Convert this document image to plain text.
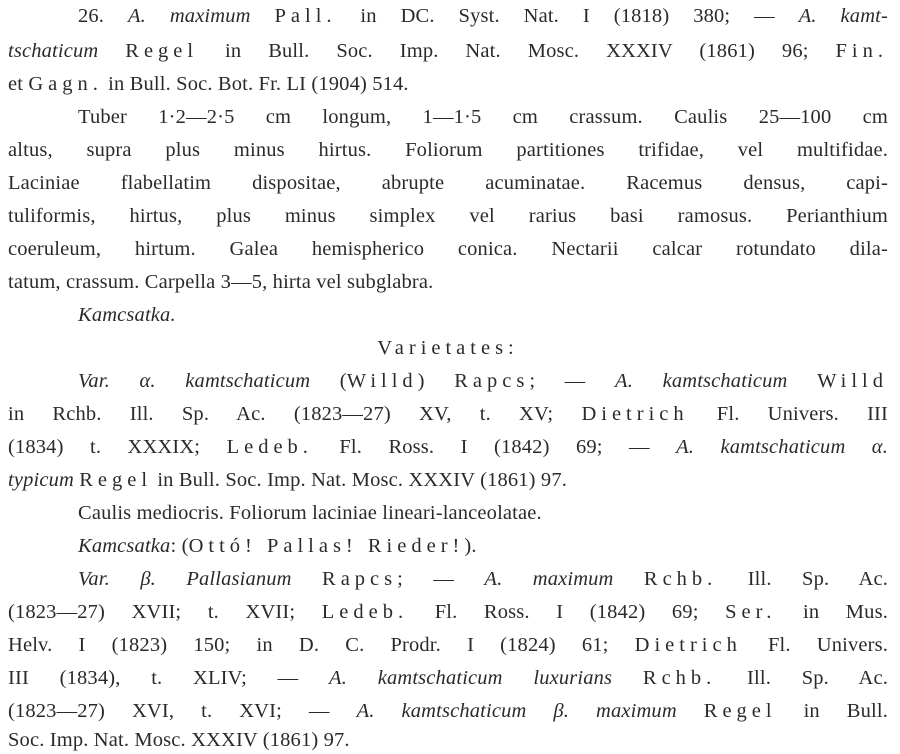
26. A. maximum Pall. in DC. Syst. Nat. I (1818) 380; — A. kamt-
tschaticum Regel in Bull. Soc. Imp. Nat. Mosc. XXXIV (1861) 96; Fin.
et Gagn. in Bull. Soc. Bot. Fr. LI (1904) 514.
Tuber 1·2—2·5 cm longum, 1—1·5 cm crassum. Caulis 25—100 cm
altus, supra plus minus hirtus. Foliorum partitiones trifidae, vel multifidae.
Laciniae flabellatim dispositae, abrupte acuminatae. Racemus densus, capi-
tuliformis, hirtus, plus minus simplex vel rarius basi ramosus. Perianthium
coeruleum, hirtum. Galea hemispherico conica. Nectarii calcar rotundato dila-
tatum, crassum. Carpella 3—5, hirta vel subglabra.
Kamcsatka.
Varietates:
Var. α. kamtschaticum (Willd) Rapcs; — A. kamtschaticum Willd
in Rchb. Ill. Sp. Ac. (1823—27) XV, t. XV; Dietrich Fl. Univers. III
(1834) t. XXXIX; Ledeb. Fl. Ross. I (1842) 69; — A. kamtschaticum α.
typicum Regel in Bull. Soc. Imp. Nat. Mosc. XXXIV (1861) 97.
Caulis mediocris. Foliorum laciniae lineari-lanceolatae.
Kamcsatka: (Ottó! Pallas! Rieder!).
Var. β. Pallasianum Rapcs; — A. maximum Rchb. Ill. Sp. Ac.
(1823—27) XVII; t. XVII; Ledeb. Fl. Ross. I (1842) 69; Ser. in Mus.
Helv. I (1823) 150; in D. C. Prodr. I (1824) 61; Dietrich Fl. Univers.
III (1834), t. XLIV; — A. kamtschaticum luxurians Rchb. Ill. Sp. Ac.
(1823—27) XVI, t. XVI; — A. kamtschaticum β. maximum Regel in Bull.
Soc. Imp. Nat. Mosc. XXXIV (1861) 97.
